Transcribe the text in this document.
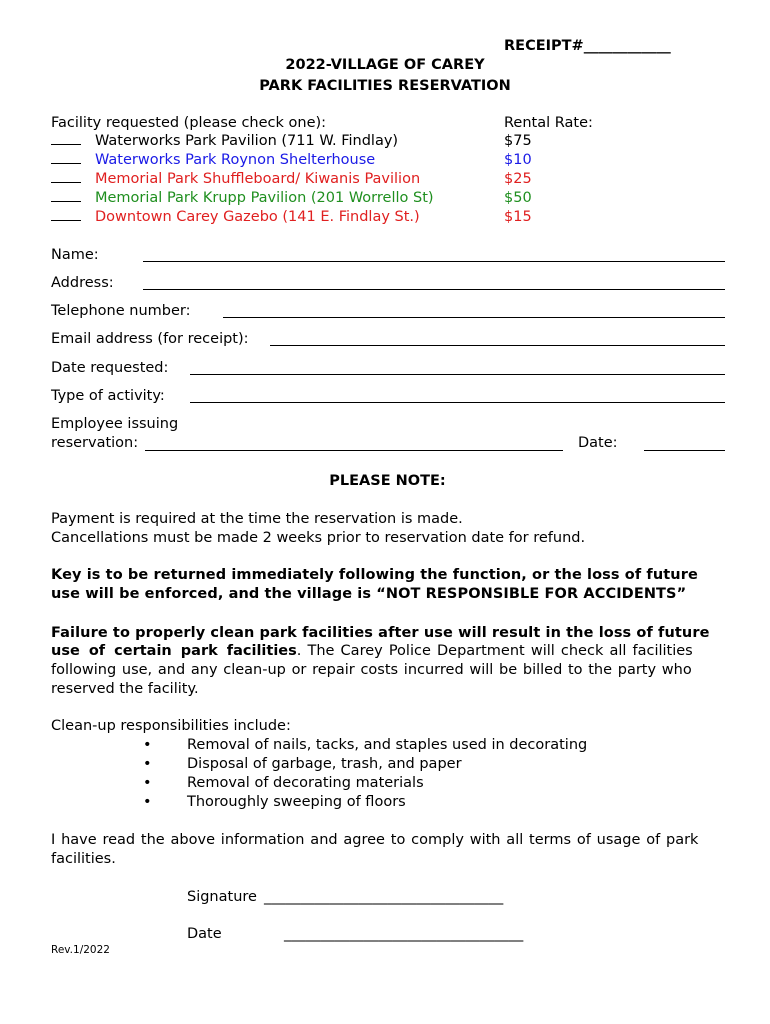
RECEIPT#____________
2022-VILLAGE OF CAREY
PARK FACILITIES RESERVATION
Facility requested (please check one):	Rental Rate:
Waterworks Park Pavilion (711 W. Findlay)	$75
Waterworks Park Roynon Shelterhouse	$10
Memorial Park Shuffleboard/ Kiwanis Pavilion	$25
Memorial Park Krupp Pavilion (201 Worrello St)	$50
Downtown Carey Gazebo (141 E. Findlay St.)	$15
Name:
Address:
Telephone number:
Email address (for receipt):
Date requested:
Type of activity:
Employee issuing
reservation:	Date:
PLEASE NOTE:
Payment is required at the time the reservation is made.
Cancellations must be made 2 weeks prior to reservation date for refund.
Key is to be returned immediately following the function, or the loss of future
use will be enforced, and the village is “NOT RESPONSIBLE FOR ACCIDENTS”
Failure to properly clean park facilities after use will result in the loss of future
use of certain park facilities. The Carey Police Department will check all facilities
following use, and any clean-up or repair costs incurred will be billed to the party who
reserved the facility.
Clean-up responsibilities include:
• Removal of nails, tacks, and staples used in decorating
• Disposal of garbage, trash, and paper
• Removal of decorating materials
• Thoroughly sweeping of floors
I have read the above information and agree to comply with all terms of usage of park
facilities.
Signature _________________________________
Date	_________________________________
Rev.1/2022
